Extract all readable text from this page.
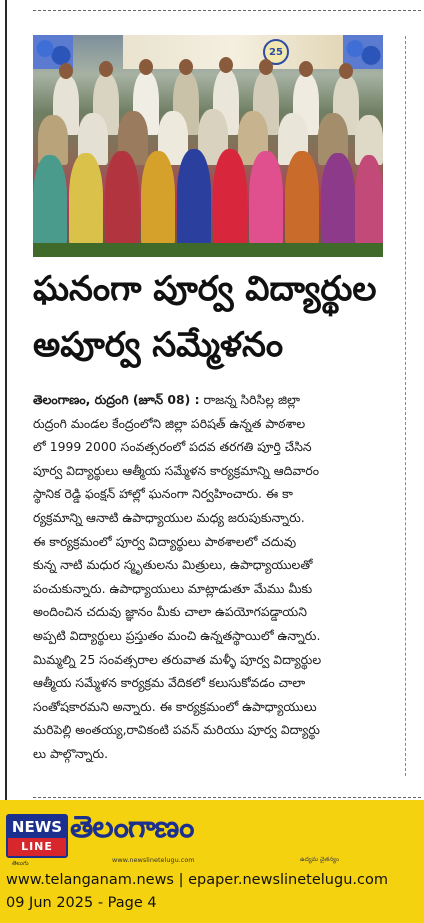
25
ఘనంగా పూర్వ విద్యార్థుల
అపూర్వ సమ్మేళనం

తెలంగాణం, రుద్రంగి (జూన్ 08) : రాజన్న సిరిసిల్ల జిల్లా

రుద్రంగి మండల కేంద్రంలోని జిల్లా పరిషత్ ఉన్నత పాఠశాల

లో 1999 2000 సంవత్సరంలో పదవ తరగతి పూర్తి చేసిన

పూర్వ విద్యార్థులు ఆత్మీయ సమ్మేళన కార్యక్రమాన్ని ఆదివారం

స్థానిక రెడ్డి ఫంక్షన్ హాల్లో ఘనంగా నిర్వహించారు. ఈ కా

ర్యక్రమాన్ని ఆనాటి ఉపాధ్యాయుల మధ్య జరుపుకున్నారు.

ఈ కార్యక్రమంలో పూర్వ విద్యార్థులు పాఠశాలలో చదువు

కున్న నాటి మధుర స్మృతులను మిత్రులు, ఉపాధ్యాయులతో

పంచుకున్నారు. ఉపాధ్యాయులు మాట్లాడుతూ మేము మీకు

అందించిన చదువు జ్ఞానం మీకు చాలా ఉపయోగపడ్డాయని

అప్పటి విద్యార్థులు ప్రస్తుతం మంచి ఉన్నతస్థాయిలో ఉన్నారు.

మిమ్మల్ని 25 సంవత్సరాల తరువాత మళ్ళీ పూర్వ విద్యార్థుల

ఆత్మీయ సమ్మేళన కార్యక్రమ వేదికలో కలుసుకోవడం చాలా

సంతోషకారమని అన్నారు. ఈ కార్యక్రమంలో ఉపాధ్యాయులు

మరిపెల్లి అంతయ్య,రావికంటి పవన్ మరియు పూర్వ విద్యార్థు

లు పాల్గొన్నారు.

NEWS
LINE
తెలుగు
తెలంగాణం
www.newslinetelugu.com	ఉద్యమ చైతన్యం
www.telanganam.news | epaper.newslinetelugu.com
09 Jun 2025 - Page 4
